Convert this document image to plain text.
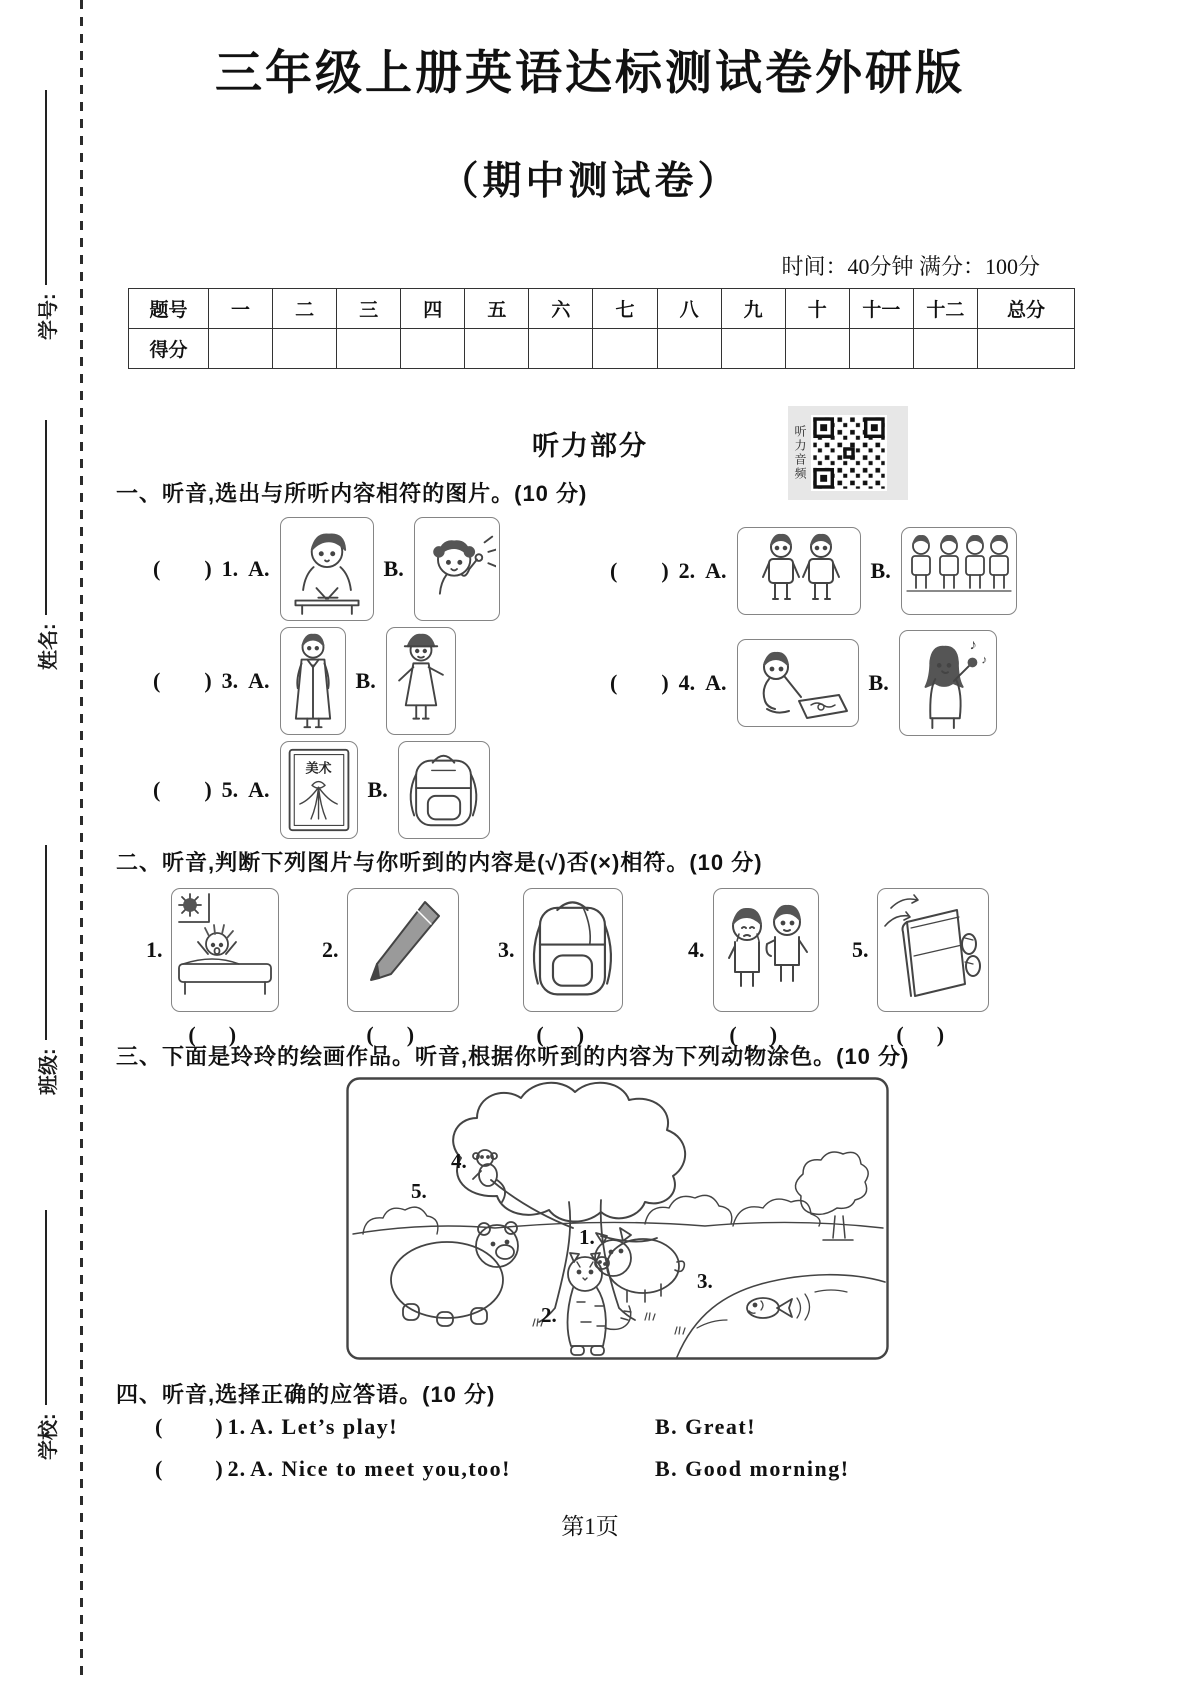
学号:
姓名:
班级:
学校:
三年级上册英语达标测试卷外研版
（期中测试卷）
时间：40分钟 满分：100分
题号	一	二	三	四	五	六	七	八	九	十	十一	十二	总分
得分													
听力部分	听力音频
一、听音,选出与所听内容相符的图片。(10 分)
(        ) 1. A.	B.	(        ) 2. A.	B.
(        ) 3. A.	B.	(        ) 4. A.	B.
♪
♪
(        ) 5. A.
美术
B.
二、听音,判断下列图片与你听到的内容是(√)否(×)相符。(10 分)
1.
(      )
2.
(      )
3.
(      )
4.
(      )
5.
(      )
三、下面是玲玲的绘画作品。听音,根据你听到的内容为下列动物涂色。(10 分)
1.
2.
3.
4.
5.
四、听音,选择正确的应答语。(10 分)
(        ) 1. A. Let’s play!	B. Great!
(        ) 2. A. Nice to meet you,too!	B. Good morning!
第1页
